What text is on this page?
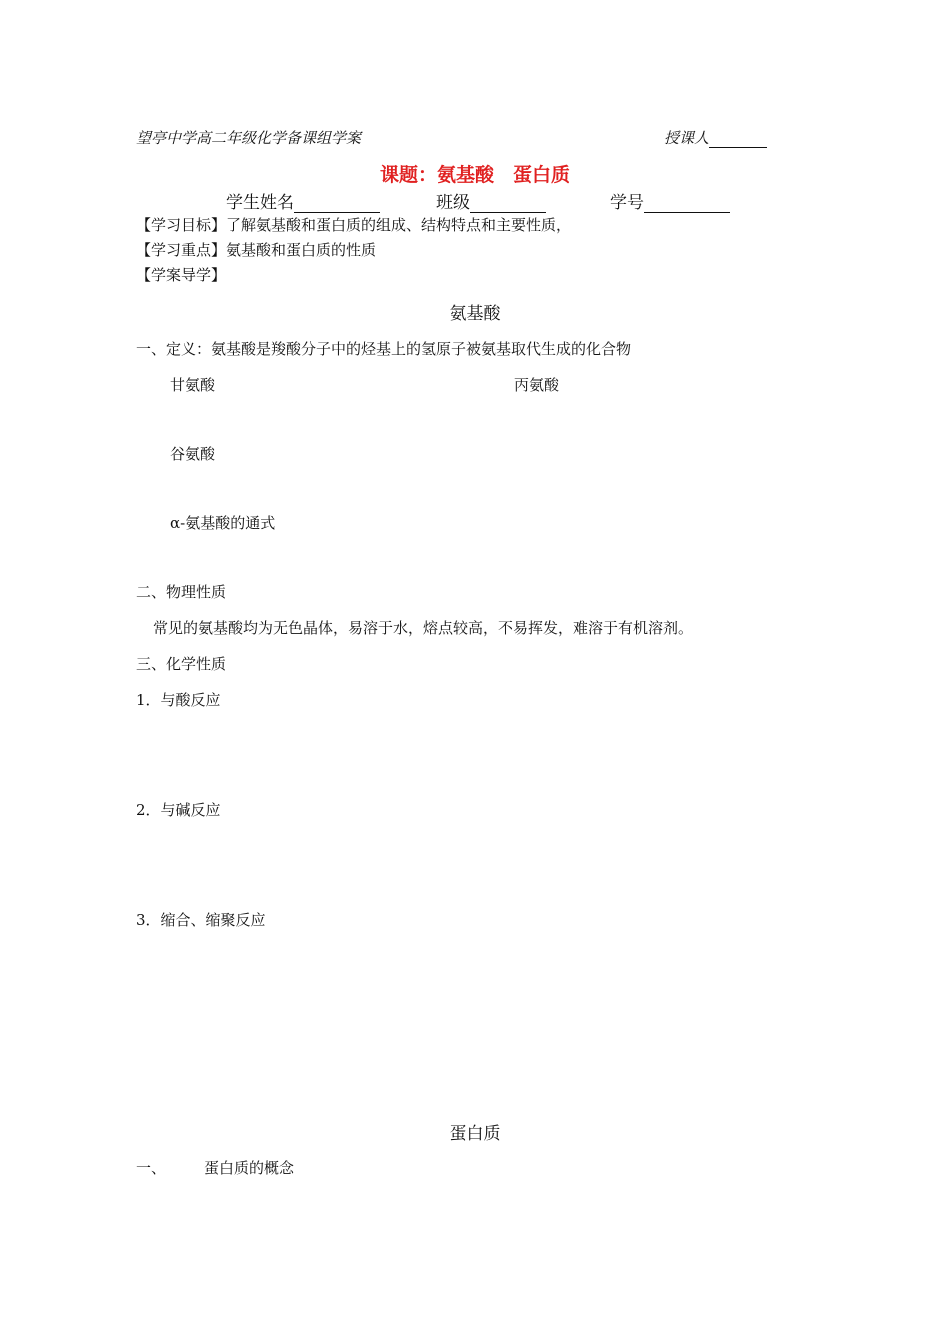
望亭中学高二年级化学备课组学案	授课人
课题：氨基酸　蛋白质
学生姓名	班级	学号
【学习目标】了解氨基酸和蛋白质的组成、结构特点和主要性质，
【学习重点】氨基酸和蛋白质的性质
【学案导学】
氨基酸
一、定义：氨基酸是羧酸分子中的烃基上的氢原子被氨基取代生成的化合物
甘氨酸	丙氨酸
谷氨酸
α-氨基酸的通式
二、物理性质
常见的氨基酸均为无色晶体，易溶于水，熔点较高，不易挥发，难溶于有机溶剂。
三、化学性质
1．与酸反应
2．与碱反应
3．缩合、缩聚反应
蛋白质
一、	蛋白质的概念
